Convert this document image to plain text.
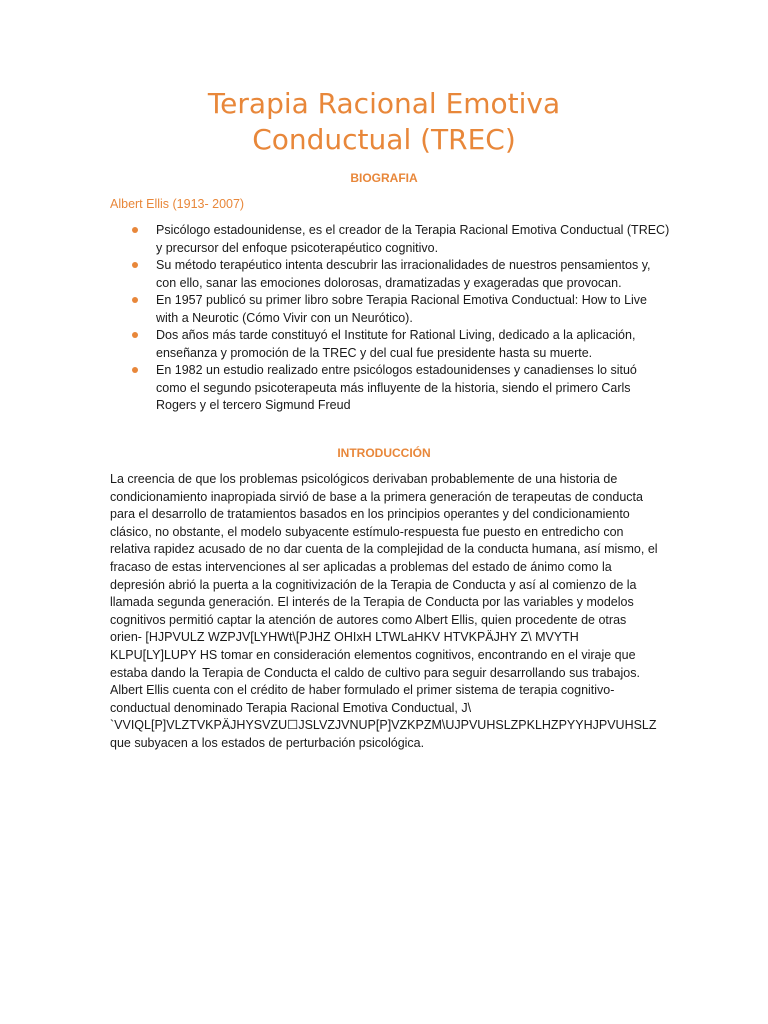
Terapia Racional Emotiva
Conductual (TREC)
BIOGRAFIA
Albert Ellis (1913- 2007)
Psicólogo estadounidense, es el creador de la Terapia Racional Emotiva Conductual (TREC) y precursor del enfoque psicoterapéutico cognitivo.
Su método terapéutico intenta descubrir las irracionalidades de nuestros pensamientos y, con ello, sanar las emociones dolorosas, dramatizadas y exageradas que provocan.
En 1957 publicó su primer libro sobre Terapia Racional Emotiva Conductual: How to Live with a Neurotic (Cómo Vivir con un Neurótico).
Dos años más tarde constituyó el Institute for Rational Living, dedicado a la aplicación, enseñanza y promoción de la TREC y del cual fue presidente hasta su muerte.
En 1982 un estudio realizado entre psicólogos estadounidenses y canadienses lo situó como el segundo psicoterapeuta más influyente de la historia, siendo el primero Carls Rogers y el tercero Sigmund Freud
INTRODUCCIÓN

La creencia de que los problemas psicológicos derivaban probablemente de una historia de condicionamiento inapropiada sirvió de base a la primera generación de terapeutas de conducta para el desarrollo de tratamientos basados en los principios operantes y del condicionamiento clásico, no obstante, el modelo subyacente estímulo-respuesta fue puesto en entredicho con relativa rapidez acusado de no dar cuenta de la complejidad de la conducta humana, así mismo, el fracaso de estas intervenciones al ser aplicadas a problemas del estado de ánimo como la depresión abrió la puerta a la cognitivización de la Terapia de Conducta y así al comienzo de la llamada segunda generación. El interés de la Terapia de Conducta por las variables y modelos cognitivos permitió captar la atención de autores como Albert Ellis, quien procedente de otras orien- [HJPVULZ WZPJV[LYHWt\[PJHZ OHIxH LTWLaHKV HTVKPÄJHY Z\ MVYTH KLPU[LY]LUPY HS tomar en consideración elementos cognitivos, encontrando en el viraje que estaba dando la Terapia de Conducta el caldo de cultivo para seguir desarrollando sus trabajos. Albert Ellis cuenta con el crédito de haber formulado el primer sistema de terapia cognitivo-conductual denominado Terapia Racional Emotiva Conductual, J\ `VVIQL[P]VLZTVKPÄJHYSVZU☐JSLVZJVNUP[P]VZKPZM\UJPVUHSLZPKLHZPYYHJPVUHSLZ que subyacen a los estados de perturbación psicológica.
